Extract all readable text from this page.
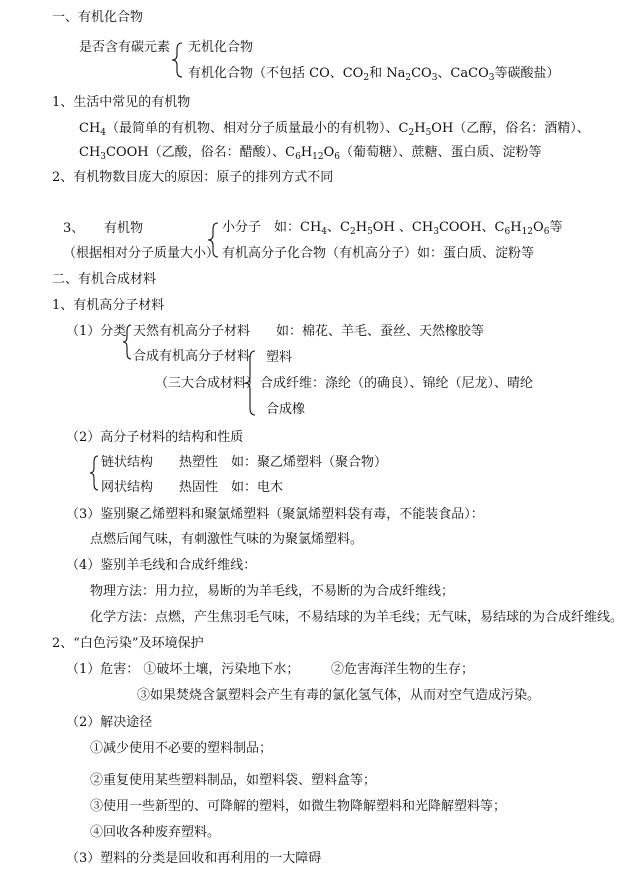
一、有机化合物
是否含有碳元素 无机化合物
有机化合物（不包括 CO、$CO_2$和 $Na_2CO_3$、CaCO$_3$等碳酸盐）
1、生活中常见的有机物
$CH_4$（最简单的有机物、相对分子质量最小的有机物）、$C_2H_5OH$（乙醇，俗名：酒精）、
$CH_3COOH$（乙酸，俗名：醋酸）、$C_6H_{12}O_6$（葡萄糖）、蔗糖、蛋白质、淀粉等
2、有机物数目庞大的原因：原子的排列方式不同
3、 有机物
（根据相对分子质量大小）
小分子　如：$CH_4$、$C_2H_5OH$ 、$CH_3COOH$、$C_6H_{12}O_6$等
有机高分子化合物（有机高分子）如：蛋白质、淀粉等
二、有机合成材料
1、有机高分子材料
（1）分类 天然有机高分子材料　　如：棉花、羊毛、蚕丝、天然橡胶等
合成有机高分子材料
（三大合成材料）
塑料
合成纤维：涤纶（的确良）、锦纶（尼龙）、晴纶
合成橡
（2）高分子材料的结构和性质
链状结构　　热塑性　如：聚乙烯塑料（聚合物）
网状结构　　热固性　如：电木
（3）鉴别聚乙烯塑料和聚氯烯塑料（聚氯烯塑料袋有毒，不能装食品）：
点燃后闻气味，有刺激性气味的为聚氯烯塑料。
（4）鉴别羊毛线和合成纤维线：
物理方法：用力拉，易断的为羊毛线，不易断的为合成纤维线；
化学方法：点燃，产生焦羽毛气味，不易结球的为羊毛线；无气味，易结球的为合成纤维线。
2、“白色污染”及环境保护
（1）危害： ①破坏土壤，污染地下水； ②危害海洋生物的生存；
③如果焚烧含氯塑料会产生有毒的氯化氢气体，从而对空气造成污染。
（2）解决途径
①减少使用不必要的塑料制品；
②重复使用某些塑料制品，如塑料袋、塑料盒等；
③使用一些新型的、可降解的塑料，如微生物降解塑料和光降解塑料等；
④回收各种废弃塑料。
（3）塑料的分类是回收和再利用的一大障碍
